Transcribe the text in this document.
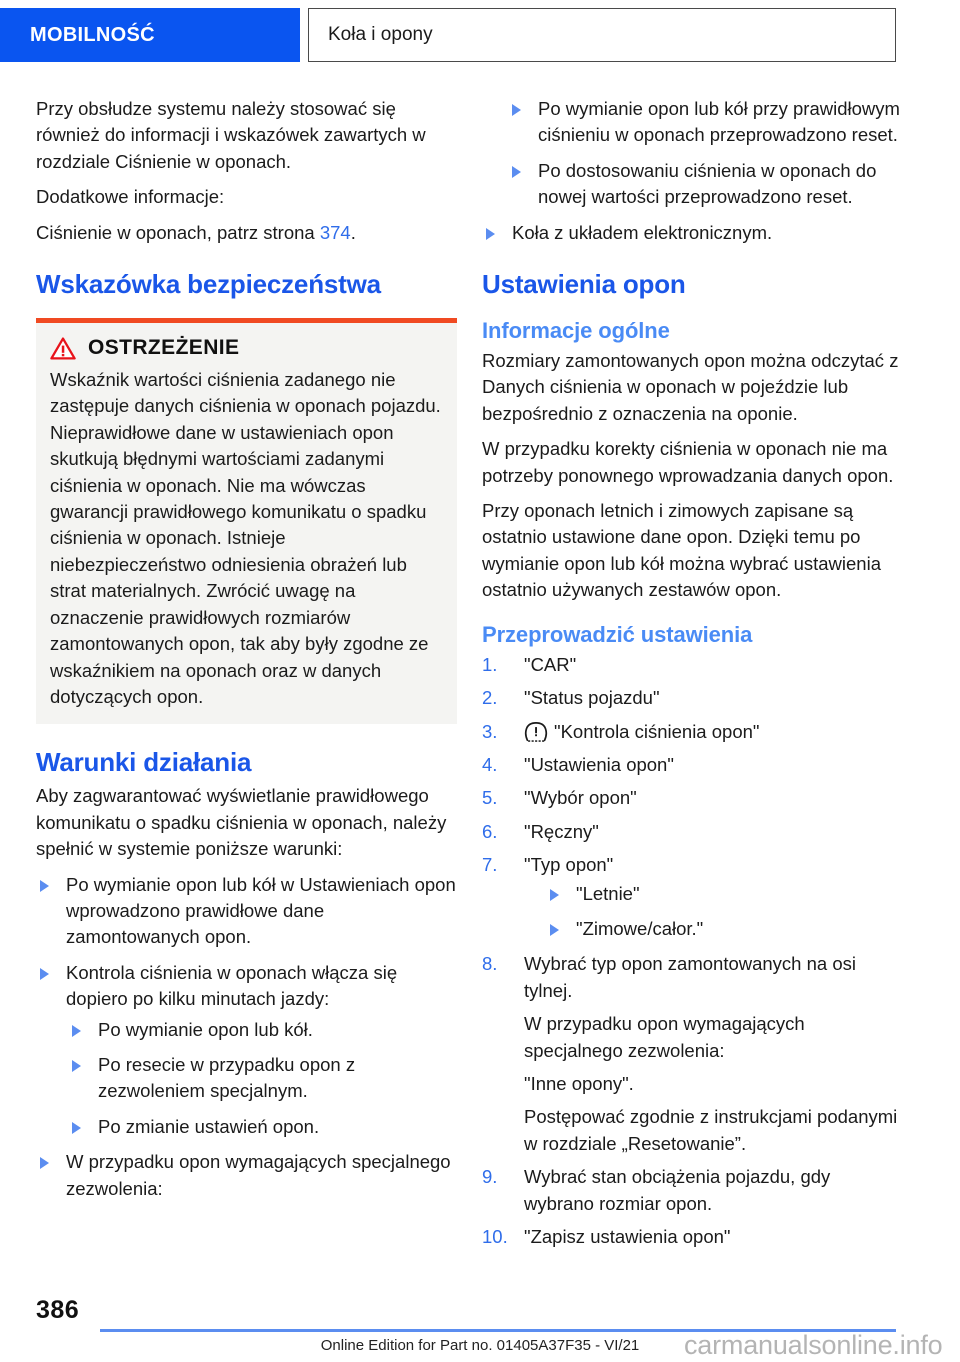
MOBILNOŚĆ	Koła i opony

Przy obsłudze systemu należy stosować się również do informacji i wskazówek zawartych w rozdziale Ciśnienie w oponach.

Dodatkowe informacje:

Ciśnienie w oponach, patrz strona 374.

Wskazówka bezpieczeństwa
OSTRZEŻENIE

Wskaźnik wartości ciśnienia zadanego nie zastępuje danych ciśnienia w oponach pojazdu. Nieprawidłowe dane w ustawieniach opon skutkują błędnymi wartościami zadanymi ciśnienia w oponach. Nie ma wówczas gwarancji prawidłowego komunikatu o spadku ciśnienia w oponach. Istnieje niebezpieczeństwo odniesienia obrażeń lub strat materialnych. Zwrócić uwagę na oznaczenie prawidłowych rozmiarów zamontowanych opon, tak aby były zgodne ze wskaźnikiem na oponach oraz w danych dotyczących opon.

Warunki działania

Aby zagwarantować wyświetlanie prawidłowego komunikatu o spadku ciśnienia w oponach, należy spełnić w systemie poniższe warunki:

Po wymianie opon lub kół w Ustawieniach opon wprowadzono prawidłowe dane zamontowanych opon.
Kontrola ciśnienia w oponach włącza się dopiero po kilku minutach jazdy:
Po wymianie opon lub kół.
Po resecie w przypadku opon z zezwoleniem specjalnym.
Po zmianie ustawień opon.
W przypadku opon wymagających specjalnego zezwolenia:
Po wymianie opon lub kół przy prawidłowym ciśnieniu w oponach przeprowadzono reset.
Po dostosowaniu ciśnienia w oponach do nowej wartości przeprowadzono reset.
Koła z układem elektronicznym.
Ustawienia opon
Informacje ogólne

Rozmiary zamontowanych opon można odczytać z Danych ciśnienia w oponach w pojeździe lub bezpośrednio z oznaczenia na oponie.

W przypadku korekty ciśnienia w oponach nie ma potrzeby ponownego wprowadzania danych opon.

Przy oponach letnich i zimowych zapisane są ostatnio ustawione dane opon. Dzięki temu po wymianie opon lub kół można wybrać ustawienia ostatnio używanych zestawów opon.

Przeprowadzić ustawienia
1.	"CAR"
2.	"Status pojazdu"
3.	"Kontrola ciśnienia opon"
4.	"Ustawienia opon"
5.	"Wybór opon"
6.	"Ręczny"
7.	"Typ opon"
"Letnie"
"Zimowe/całor."
8.	Wybrać typ opon zamontowanych na osi tylnej.
W przypadku opon wymagających specjalnego zezwolenia:
"Inne opony".
Postępować zgodnie z instrukcjami podanymi w rozdziale „Resetowanie”.
9.	Wybrać stan obciążenia pojazdu, gdy wybrano rozmiar opon.
10. "Zapisz ustawienia opon"
386
Online Edition for Part no. 01405A37F35 - VI/21	carmanualsonline.info
